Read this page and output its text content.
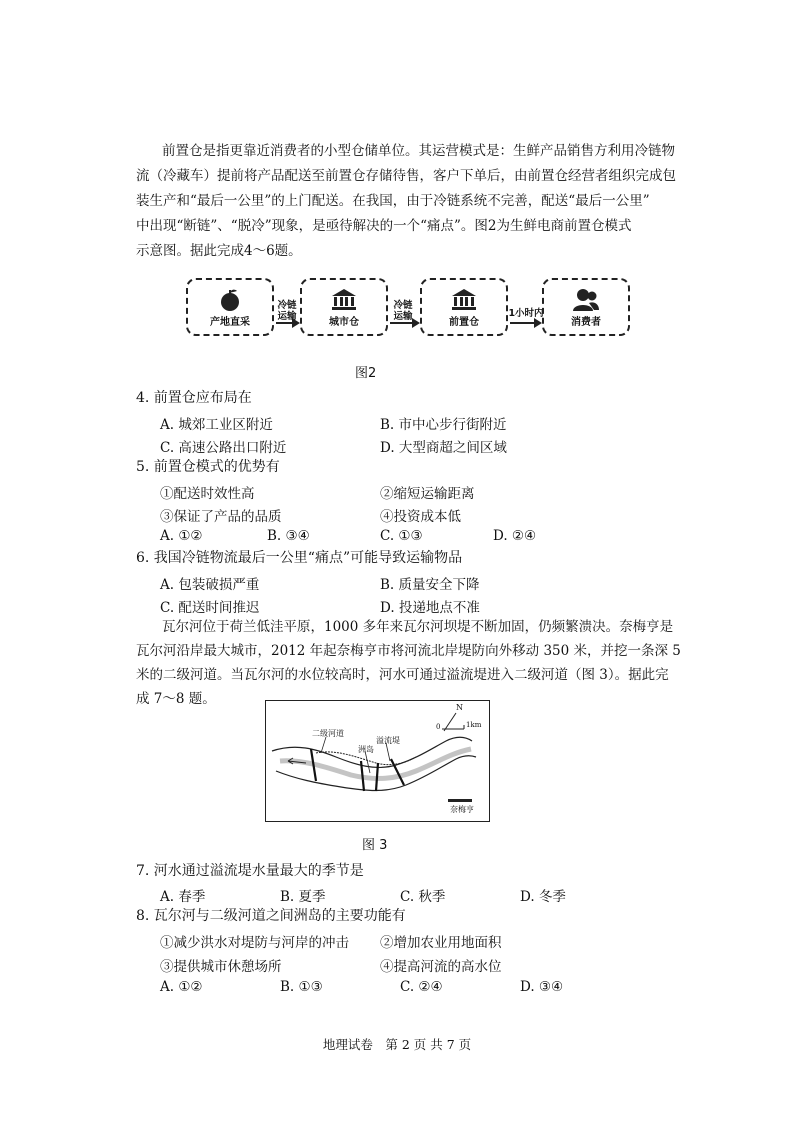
前置仓是指更靠近消费者的小型仓储单位。其运营模式是：生鲜产品销售方利用冷链物
流（冷藏车）提前将产品配送至前置仓存储待售，客户下单后，由前置仓经营者组织完成包
装生产和“最后一公里”的上门配送。在我国，由于冷链系统不完善，配送“最后一公里”
中出现“断链”、“脱冷”现象，是亟待解决的一个“痛点”。图2为生鲜电商前置仓模式
示意图。据此完成4～6题。
产地直采
冷链
运输
城市仓
冷链
运输
前置仓
1小时内
消费者
图2
4. 前置仓应布局在
A. 城郊工业区附近	B. 市中心步行街附近
C. 高速公路出口附近	D. 大型商超之间区域
5. 前置仓模式的优势有
①配送时效性高	②缩短运输距离
③保证了产品的品质	④投资成本低
A. ①②	B. ③④	C. ①③	D. ②④
6. 我国冷链物流最后一公里“痛点”可能导致运输物品
A. 包装破损严重	B. 质量安全下降
C. 配送时间推迟	D. 投递地点不准
瓦尔河位于荷兰低洼平原，1000 多年来瓦尔河坝堤不断加固，仍频繁溃决。奈梅亨是
瓦尔河沿岸最大城市，2012 年起奈梅亨市将河流北岸堤防向外移动 350 米，并挖一条深 5
米的二级河道。当瓦尔河的水位较高时，河水可通过溢流堤进入二级河道（图 3）。据此完
成 7～8 题。
二级河道
溢流堤
洲岛
奈梅亨
N
0	1km
图 3
7. 河水通过溢流堤水量最大的季节是
A. 春季	B. 夏季	C. 秋季	D. 冬季
8. 瓦尔河与二级河道之间洲岛的主要功能有
①减少洪水对堤防与河岸的冲击 ②增加农业用地面积
③提供城市休憩场所	④提高河流的高水位
A. ①②	B. ①③	C. ②④	D. ③④
地理试卷　第 2 页 共 7 页
